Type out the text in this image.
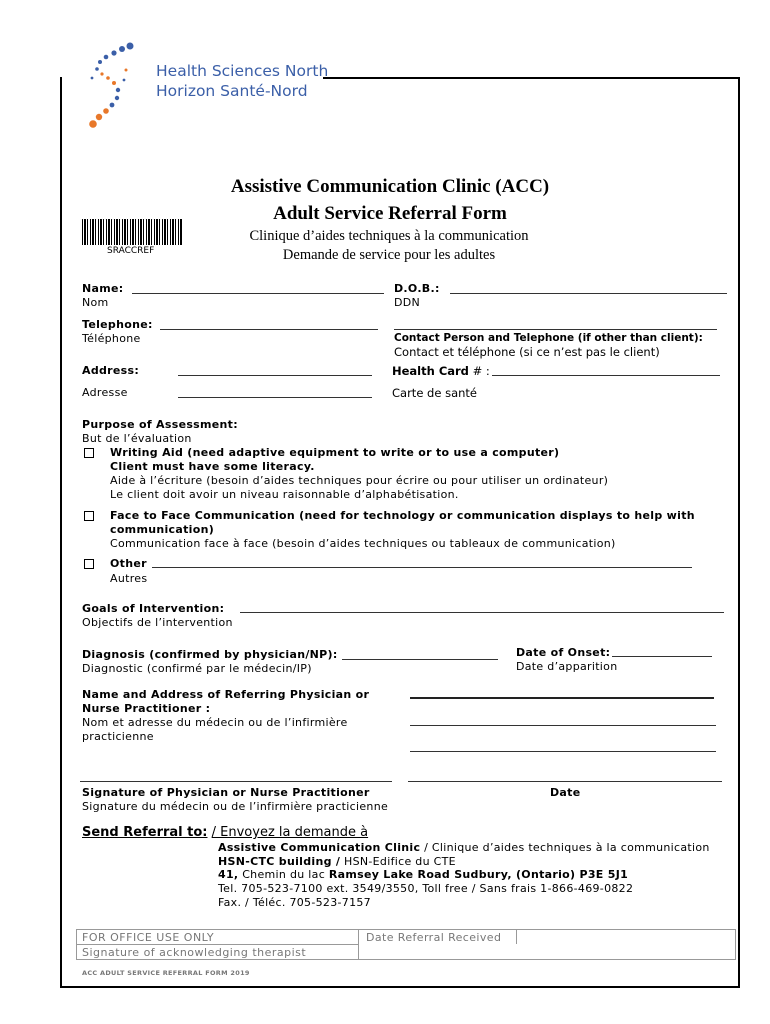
Health Sciences North
Horizon Santé-Nord
Assistive Communication Clinic (ACC)
Adult Service Referral Form
Clinique d’aides techniques à la communication
Demande de service pour les adultes
SRACCREF
Name:
Nom
D.O.B.:
DDN
Telephone:
Téléphone	Contact Person and Telephone (if other than client):
Contact et téléphone (si ce n’est pas le client)
Address:
Adresse
Health Card # :
Carte de santé
Purpose of Assessment:
But de l’évaluation
Writing Aid (need adaptive equipment to write or to use a computer)
Client must have some literacy.
Aide à l’écriture (besoin d’aides techniques pour écrire ou pour utiliser un ordinateur)
Le client doit avoir un niveau raisonnable d’alphabétisation.
Face to Face Communication (need for technology or communication displays to help with
communication)
Communication face à face (besoin d’aides techniques ou tableaux de communication)
Other
Autres
Goals of Intervention:
Objectifs de l’intervention
Diagnosis (confirmed by physician/NP):
Diagnostic (confirmé par le médecin/IP)
Date of Onset:
Date d’apparition
Name and Address of Referring Physician or
Nurse Practitioner :
Nom et adresse du médecin ou de l’infirmière
practicienne
Signature of Physician or Nurse Practitioner
Signature du médecin ou de l’infirmière practicienne
Date
Send Referral to: / Envoyez la demande à
Assistive Communication Clinic / Clinique d’aides techniques à la communication
HSN-CTC building / HSN-Edifice du CTE
41, Chemin du lac Ramsey Lake Road Sudbury, (Ontario) P3E 5J1
Tel. 705-523-7100 ext. 3549/3550, Toll free / Sans frais 1-866-469-0822
Fax. / Téléc. 705-523-7157
FOR OFFICE USE ONLY
Signature of acknowledging therapist
Date Referral Received
ACC ADULT SERVICE REFERRAL FORM 2019
